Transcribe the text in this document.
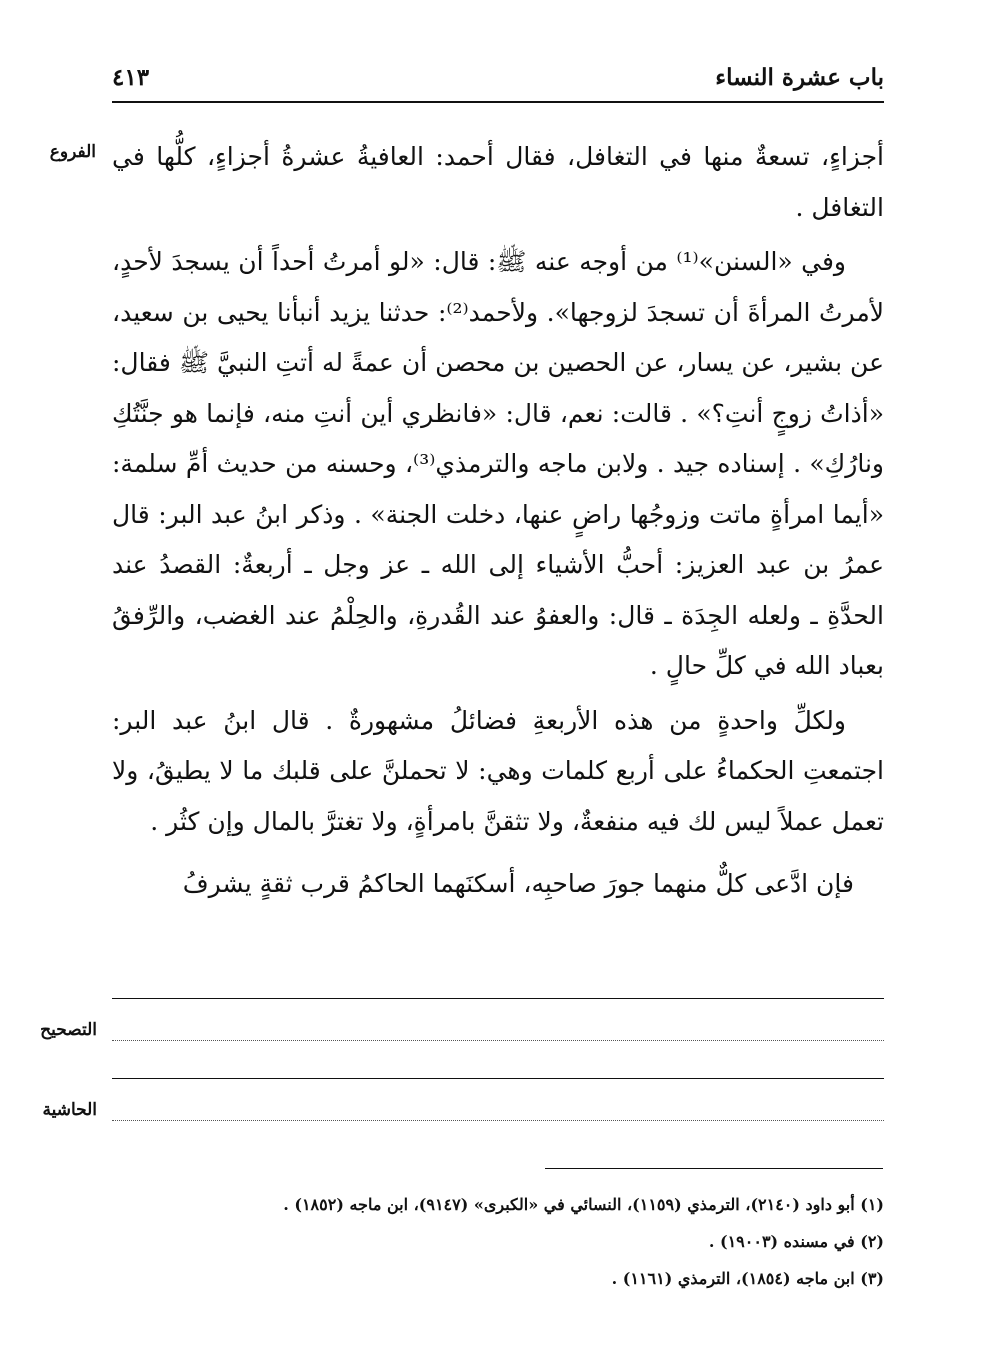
باب عشرة النساء
٤١٣
الفروع أجزاءٍ، تسعةٌ منها في التغافل، فقال أحمد: العافيةُ عشرةُ أجزاءٍ، كلُّها في التغافل .

وفي «السنن»⁽¹⁾ من أوجه عنه ﷺ: قال: «لو أمرتُ أحداً أن يسجدَ لأحدٍ، لأمرتُ المرأةَ أن تسجدَ لزوجها». ولأحمد⁽²⁾: حدثنا يزيد أنبأنا يحيى بن سعيد، عن بشير، عن يسار، عن الحصين بن محصن أن عمةً له أتتِ النبيَّ ﷺ فقال: «أذاتُ زوجٍ أنتِ؟» . قالت: نعم، قال: «فانظري أين أنتِ منه، فإنما هو جنَّتُكِ ونارُكِ» . إسناده جيد . ولابن ماجه والترمذي⁽³⁾، وحسنه من حديث أمِّ سلمة: «أيما امرأةٍ ماتت وزوجُها راضٍ عنها، دخلت الجنة» . وذكر ابنُ عبد البر: قال عمرُ بن عبد العزيز: أحبُّ الأشياء إلى الله ـ عز وجل ـ أربعةٌ: القصدُ عند الحدَّةِ ـ ولعله الجِدَة ـ قال: والعفوُ عند القُدرةِ، والحِلْمُ عند الغضب، والرِّفقُ بعباد الله في كلِّ حالٍ .

ولكلِّ واحدةٍ من هذه الأربعةِ فضائلُ مشهورةٌ . قال ابنُ عبد البر: اجتمعتِ الحكماءُ على أربع كلمات وهي: لا تحملنَّ على قلبك ما لا يطيقُ، ولا تعمل عملاً ليس لك فيه منفعةٌ، ولا تثقنَّ بامرأةٍ، ولا تغترَّ بالمال وإن كثُر .

فإن ادَّعى كلٌّ منهما جورَ صاحبِه، أسكنَهما الحاكمُ قرب ثقةٍ يشرفُ

التصحيح
الحاشية
(١) أبو داود (٢١٤٠)، الترمذي (١١٥٩)، النسائي في «الكبرى» (٩١٤٧)، ابن ماجه (١٨٥٢) .
(٢) في مسنده (١٩٠٠٣) .
(٣) ابن ماجه (١٨٥٤)، الترمذي (١١٦١) .
